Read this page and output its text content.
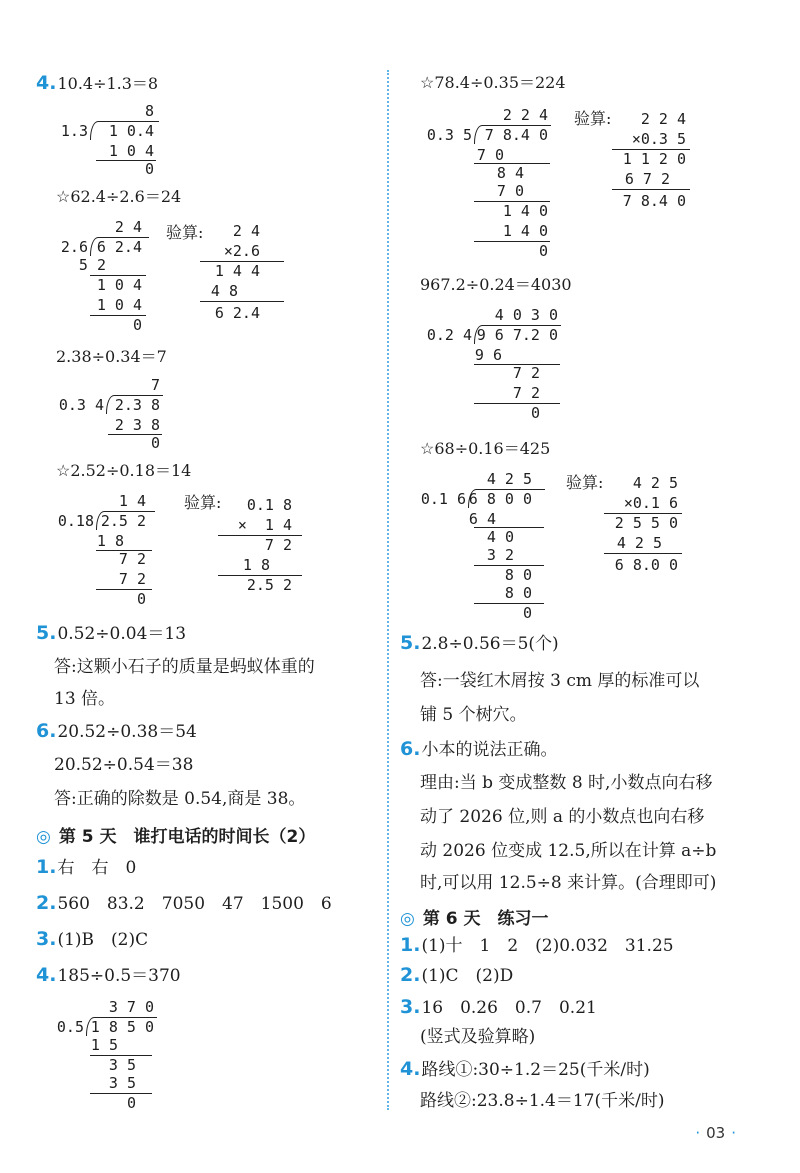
4.10.4÷1.3＝8
1.3
8
1 0.4
1 0 4
0
☆62.4÷2.6＝24
2.6
2 4
6 2.4
5 2
1 0 4
1 0 4
0
验算: 2 4
×2.6
1 4 4
4 8
6 2.4
2.38÷0.34＝7
0.3 4
7
2.3 8
2 3 8
0
☆2.52÷0.18＝14
0.18
1 4
2.5 2
1 8
7 2
7 2
0
验算: 0.1 8
×  1 4
7 2
1 8
2.5 2
5.0.52÷0.04＝13
答:这颗小石子的质量是蚂蚁体重的
13 倍。
6.20.52÷0.38＝54
20.52÷0.54＝38
答:正确的除数是 0.54,商是 38。
◎ 第 5 天　谁打电话的时间长（2）
1.右　右　0
2.560　83.2　7050　47　1500　6
3.(1)B　(2)C
4.185÷0.5＝370
0.5
3 7 0
1 8 5 0
1 5
3 5
3 5
0
☆78.4÷0.35＝224
0.3 5
2 2 4
7 8.4 0
7 0
8 4
7 0
1 4 0
1 4 0
0
验算: 2 2 4
×0.3 5
1 1 2 0
6 7 2
7 8.4 0
967.2÷0.24＝4030
0.2 4
4 0 3 0
9 6 7.2 0
9 6
7 2
7 2
0
☆68÷0.16＝425
0.1 6
4 2 5
6 8 0 0
6 4
4 0
3 2
8 0
8 0
0
验算: 4 2 5
×0.1 6
2 5 5 0
4 2 5
6 8.0 0
5.2.8÷0.56＝5(个)
答:一袋红木屑按 3 cm 厚的标准可以
铺 5 个树穴。
6.小本的说法正确。
理由:当 b 变成整数 8 时,小数点向右移
动了 2026 位,则 a 的小数点也向右移
动 2026 位变成 12.5,所以在计算 a÷b
时,可以用 12.5÷8 来计算。(合理即可)
◎ 第 6 天　练习一
1.(1)十　1　2　(2)0.032　31.25
2.(1)C　(2)D
3.16　0.26　0.7　0.21
(竖式及验算略)
4.路线①:30÷1.2＝25(千米/时)
路线②:23.8÷1.4＝17(千米/时)
· 03 ·
